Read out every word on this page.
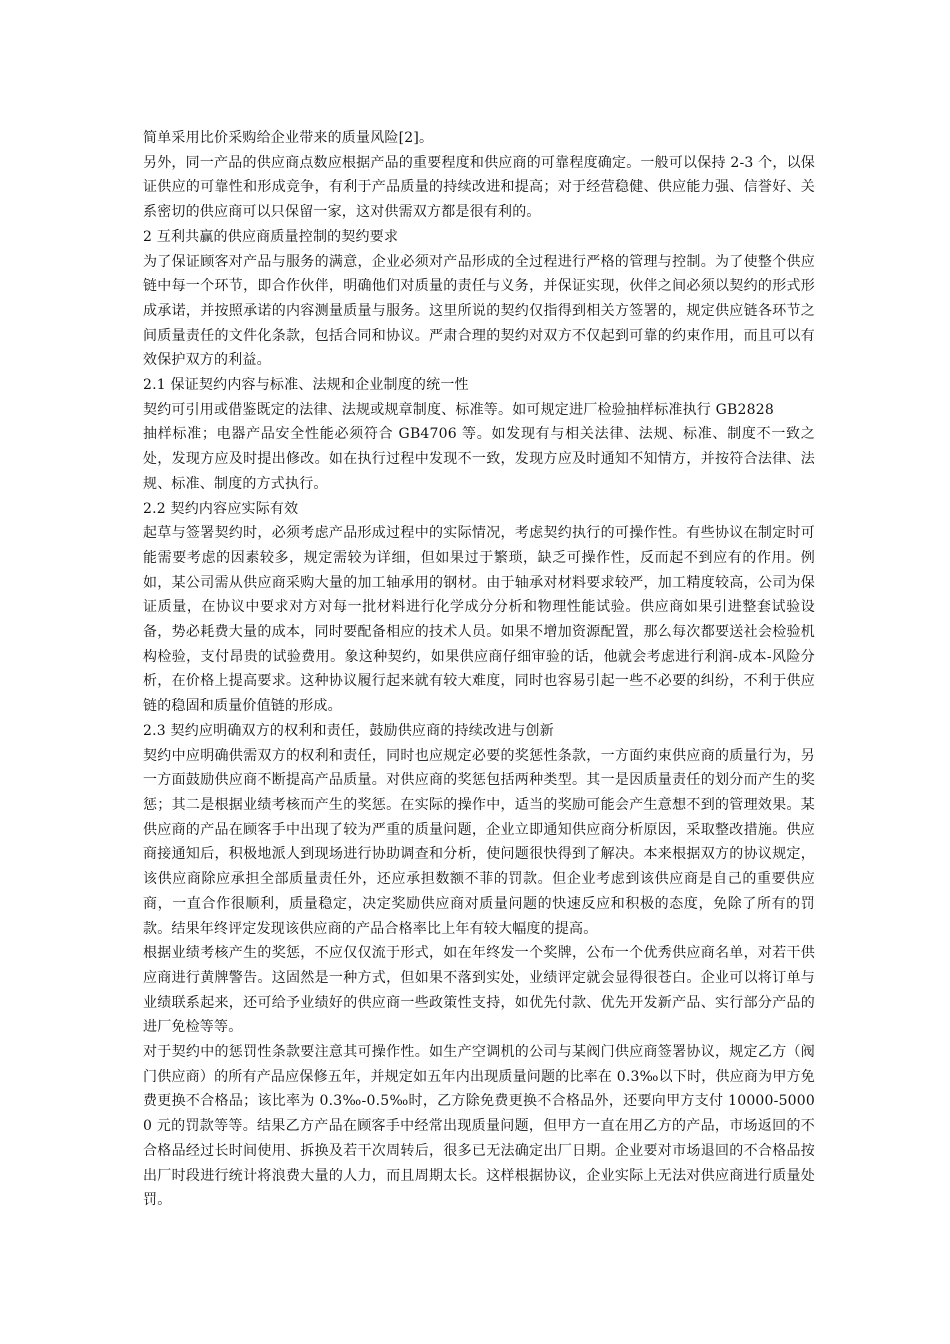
简单采用比价采购给企业带来的质量风险[2]。

另外，同一产品的供应商点数应根据产品的重要程度和供应商的可靠程度确定。一般可以保持 2-3 个，以保证供应的可靠性和形成竞争，有利于产品质量的持续改进和提高；对于经营稳健、供应能力强、信誉好、关系密切的供应商可以只保留一家，这对供需双方都是很有利的。

2 互利共赢的供应商质量控制的契约要求

为了保证顾客对产品与服务的满意，企业必须对产品形成的全过程进行严格的管理与控制。为了使整个供应链中每一个环节，即合作伙伴，明确他们对质量的责任与义务，并保证实现，伙伴之间必须以契约的形式形成承诺，并按照承诺的内容测量质量与服务。这里所说的契约仅指得到相关方签署的，规定供应链各环节之间质量责任的文件化条款，包括合同和协议。严肃合理的契约对双方不仅起到可靠的约束作用，而且可以有效保护双方的利益。

2.1 保证契约内容与标准、法规和企业制度的统一性

契约可引用或借鉴既定的法律、法规或规章制度、标准等。如可规定进厂检验抽样标准执行 GB2828

抽样标准；电器产品安全性能必须符合 GB4706 等。如发现有与相关法律、法规、标准、制度不一致之处，发现方应及时提出修改。如在执行过程中发现不一致，发现方应及时通知不知情方，并按符合法律、法规、标准、制度的方式执行。

2.2 契约内容应实际有效

起草与签署契约时，必须考虑产品形成过程中的实际情况，考虑契约执行的可操作性。有些协议在制定时可能需要考虑的因素较多，规定需较为详细，但如果过于繁琐，缺乏可操作性，反而起不到应有的作用。例如，某公司需从供应商采购大量的加工轴承用的钢材。由于轴承对材料要求较严，加工精度较高，公司为保证质量，在协议中要求对方对每一批材料进行化学成分分析和物理性能试验。供应商如果引进整套试验设备，势必耗费大量的成本，同时要配备相应的技术人员。如果不增加资源配置，那么每次都要送社会检验机构检验，支付昂贵的试验费用。象这种契约，如果供应商仔细审验的话，他就会考虑进行利润-成本-风险分析，在价格上提高要求。这种协议履行起来就有较大难度，同时也容易引起一些不必要的纠纷，不利于供应链的稳固和质量价值链的形成。

2.3 契约应明确双方的权利和责任，鼓励供应商的持续改进与创新

契约中应明确供需双方的权利和责任，同时也应规定必要的奖惩性条款，一方面约束供应商的质量行为，另一方面鼓励供应商不断提高产品质量。对供应商的奖惩包括两种类型。其一是因质量责任的划分而产生的奖惩；其二是根据业绩考核而产生的奖惩。在实际的操作中，适当的奖励可能会产生意想不到的管理效果。某供应商的产品在顾客手中出现了较为严重的质量问题，企业立即通知供应商分析原因，采取整改措施。供应商接通知后，积极地派人到现场进行协助调查和分析，使问题很快得到了解决。本来根据双方的协议规定，该供应商除应承担全部质量责任外，还应承担数额不菲的罚款。但企业考虑到该供应商是自己的重要供应商，一直合作很顺利，质量稳定，决定奖励供应商对质量问题的快速反应和积极的态度，免除了所有的罚款。结果年终评定发现该供应商的产品合格率比上年有较大幅度的提高。

根据业绩考核产生的奖惩，不应仅仅流于形式，如在年终发一个奖牌，公布一个优秀供应商名单，对若干供应商进行黄牌警告。这固然是一种方式，但如果不落到实处，业绩评定就会显得很苍白。企业可以将订单与业绩联系起来，还可给予业绩好的供应商一些政策性支持，如优先付款、优先开发新产品、实行部分产品的进厂免检等等。

对于契约中的惩罚性条款要注意其可操作性。如生产空调机的公司与某阀门供应商签署协议，规定乙方（阀门供应商）的所有产品应保修五年，并规定如五年内出现质量问题的比率在 0.3‰以下时，供应商为甲方免费更换不合格品；该比率为 0.3‰-0.5‰时，乙方除免费更换不合格品外，还要向甲方支付 10000-50000 元的罚款等等。结果乙方产品在顾客手中经常出现质量问题，但甲方一直在用乙方的产品，市场返回的不合格品经过长时间使用、拆换及若干次周转后，很多已无法确定出厂日期。企业要对市场退回的不合格品按出厂时段进行统计将浪费大量的人力，而且周期太长。这样根据协议，企业实际上无法对供应商进行质量处罚。
